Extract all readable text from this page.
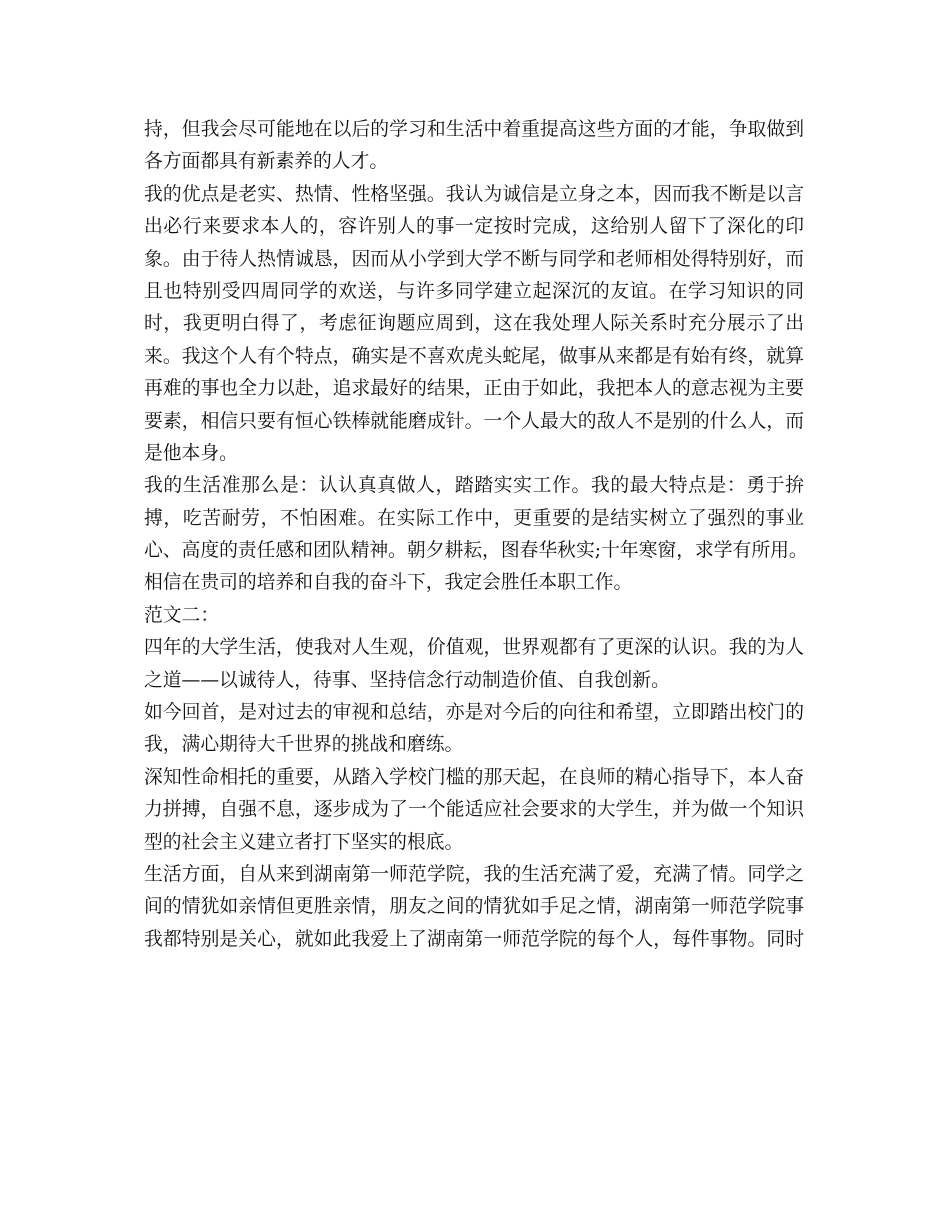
持，但我会尽可能地在以后的学习和生活中着重提高这些方面的才能，争取做到
各方面都具有新素养的人才。
我的优点是老实、热情、性格坚强。我认为诚信是立身之本，因而我不断是以言
出必行来要求本人的，容许别人的事一定按时完成，这给别人留下了深化的印
象。由于待人热情诚恳，因而从小学到大学不断与同学和老师相处得特别好，而
且也特别受四周同学的欢送，与许多同学建立起深沉的友谊。在学习知识的同
时，我更明白得了，考虑征询题应周到，这在我处理人际关系时充分展示了出
来。我这个人有个特点，确实是不喜欢虎头蛇尾，做事从来都是有始有终，就算
再难的事也全力以赴，追求最好的结果，正由于如此，我把本人的意志视为主要
要素，相信只要有恒心铁棒就能磨成针。一个人最大的敌人不是别的什么人，而
是他本身。
我的生活准那么是：认认真真做人，踏踏实实工作。我的最大特点是：勇于拚
搏，吃苦耐劳，不怕困难。在实际工作中，更重要的是结实树立了强烈的事业
心、高度的责任感和团队精神。朝夕耕耘，图春华秋实;十年寒窗，求学有所用。
相信在贵司的培养和自我的奋斗下，我定会胜任本职工作。
范文二：
四年的大学生活，使我对人生观，价值观，世界观都有了更深的认识。我的为人
之道——以诚待人，待事、坚持信念行动制造价值、自我创新。
如今回首，是对过去的审视和总结，亦是对今后的向往和希望，立即踏出校门的
我，满心期待大千世界的挑战和磨练。
深知性命相托的重要，从踏入学校门槛的那天起，在良师的精心指导下，本人奋
力拼搏，自强不息，逐步成为了一个能适应社会要求的大学生，并为做一个知识
型的社会主义建立者打下坚实的根底。
生活方面，自从来到湖南第一师范学院，我的生活充满了爱，充满了情。同学之
间的情犹如亲情但更胜亲情，朋友之间的情犹如手足之情，湖南第一师范学院事
我都特别是关心，就如此我爱上了湖南第一师范学院的每个人，每件事物。同时
